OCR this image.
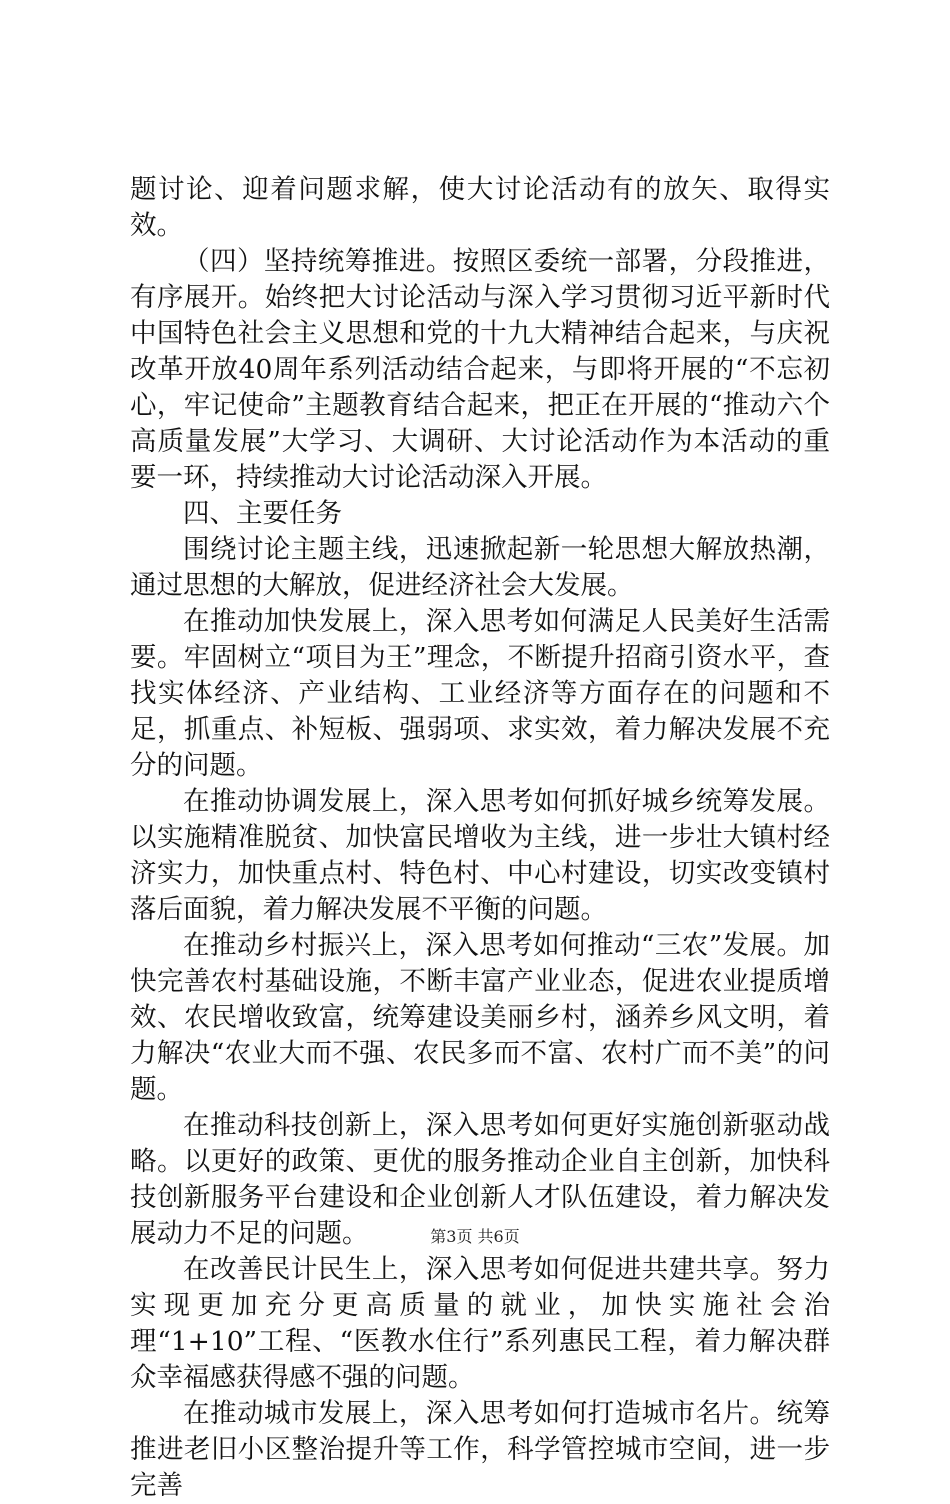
题讨论、迎着问题求解，使大讨论活动有的放矢、取得实效。

（四）坚持统筹推进。按照区委统一部署，分段推进，有序展开。始终把大讨论活动与深入学习贯彻习近平新时代中国特色社会主义思想和党的十九大精神结合起来，与庆祝改革开放40周年系列活动结合起来，与即将开展的“不忘初心，牢记使命”主题教育结合起来，把正在开展的“推动六个高质量发展”大学习、大调研、大讨论活动作为本活动的重要一环，持续推动大讨论活动深入开展。

四、主要任务

围绕讨论主题主线，迅速掀起新一轮思想大解放热潮，通过思想的大解放，促进经济社会大发展。

在推动加快发展上，深入思考如何满足人民美好生活需要。牢固树立“项目为王”理念，不断提升招商引资水平，查找实体经济、产业结构、工业经济等方面存在的问题和不足，抓重点、补短板、强弱项、求实效，着力解决发展不充分的问题。

在推动协调发展上，深入思考如何抓好城乡统筹发展。以实施精准脱贫、加快富民增收为主线，进一步壮大镇村经济实力，加快重点村、特色村、中心村建设，切实改变镇村落后面貌，着力解决发展不平衡的问题。

在推动乡村振兴上，深入思考如何推动“三农”发展。加快完善农村基础设施，不断丰富产业业态，促进农业提质增效、农民增收致富，统筹建设美丽乡村，涵养乡风文明，着力解决“农业大而不强、农民多而不富、农村广而不美”的问题。

在推动科技创新上，深入思考如何更好实施创新驱动战略。以更好的政策、更优的服务推动企业自主创新，加快科技创新服务平台建设和企业创新人才队伍建设，着力解决发展动力不足的问题。

在改善民计民生上，深入思考如何促进共建共享。努力实现更加充分更高质量的就业，加快实施社会治理“1+10”工程、“医教水住行”系列惠民工程，着力解决群众幸福感获得感不强的问题。

在推动城市发展上，深入思考如何打造城市名片。统筹推进老旧小区整治提升等工作，科学管控城市空间，进一步完善

第3页 共6页
